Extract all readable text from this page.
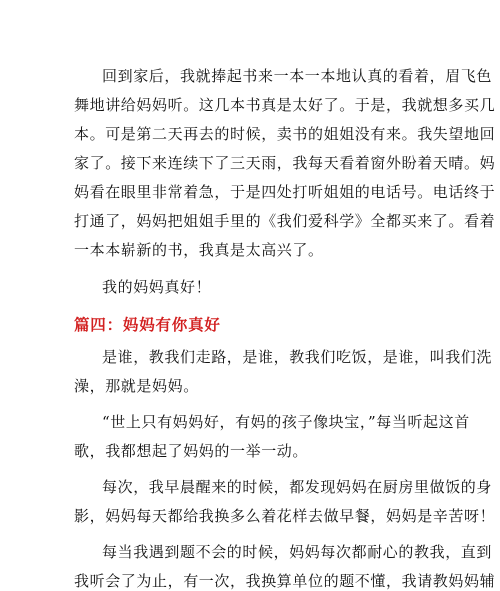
回到家后，我就捧起书来一本一本地认真的看着，眉飞色
舞地讲给妈妈听。这几本书真是太好了。于是，我就想多买几
本。可是第二天再去的时候，卖书的姐姐没有来。我失望地回
家了。接下来连续下了三天雨，我每天看着窗外盼着天晴。妈
妈看在眼里非常着急，于是四处打听姐姐的电话号。电话终于
打通了，妈妈把姐姐手里的《我们爱科学》全都买来了。看着
一本本崭新的书，我真是太高兴了。
我的妈妈真好！
篇四：妈妈有你真好
是谁，教我们走路，是谁，教我们吃饭，是谁，叫我们洗
澡，那就是妈妈。
“世上只有妈妈好，有妈的孩子像块宝，”每当听起这首
歌，我都想起了妈妈的一举一动。
每次，我早晨醒来的时候，都发现妈妈在厨房里做饭的身
影，妈妈每天都给我换多么着花样去做早餐，妈妈是辛苦呀！
每当我遇到题不会的时候，妈妈每次都耐心的教我，直到
我听会了为止，有一次，我换算单位的题不懂，我请教妈妈辅
